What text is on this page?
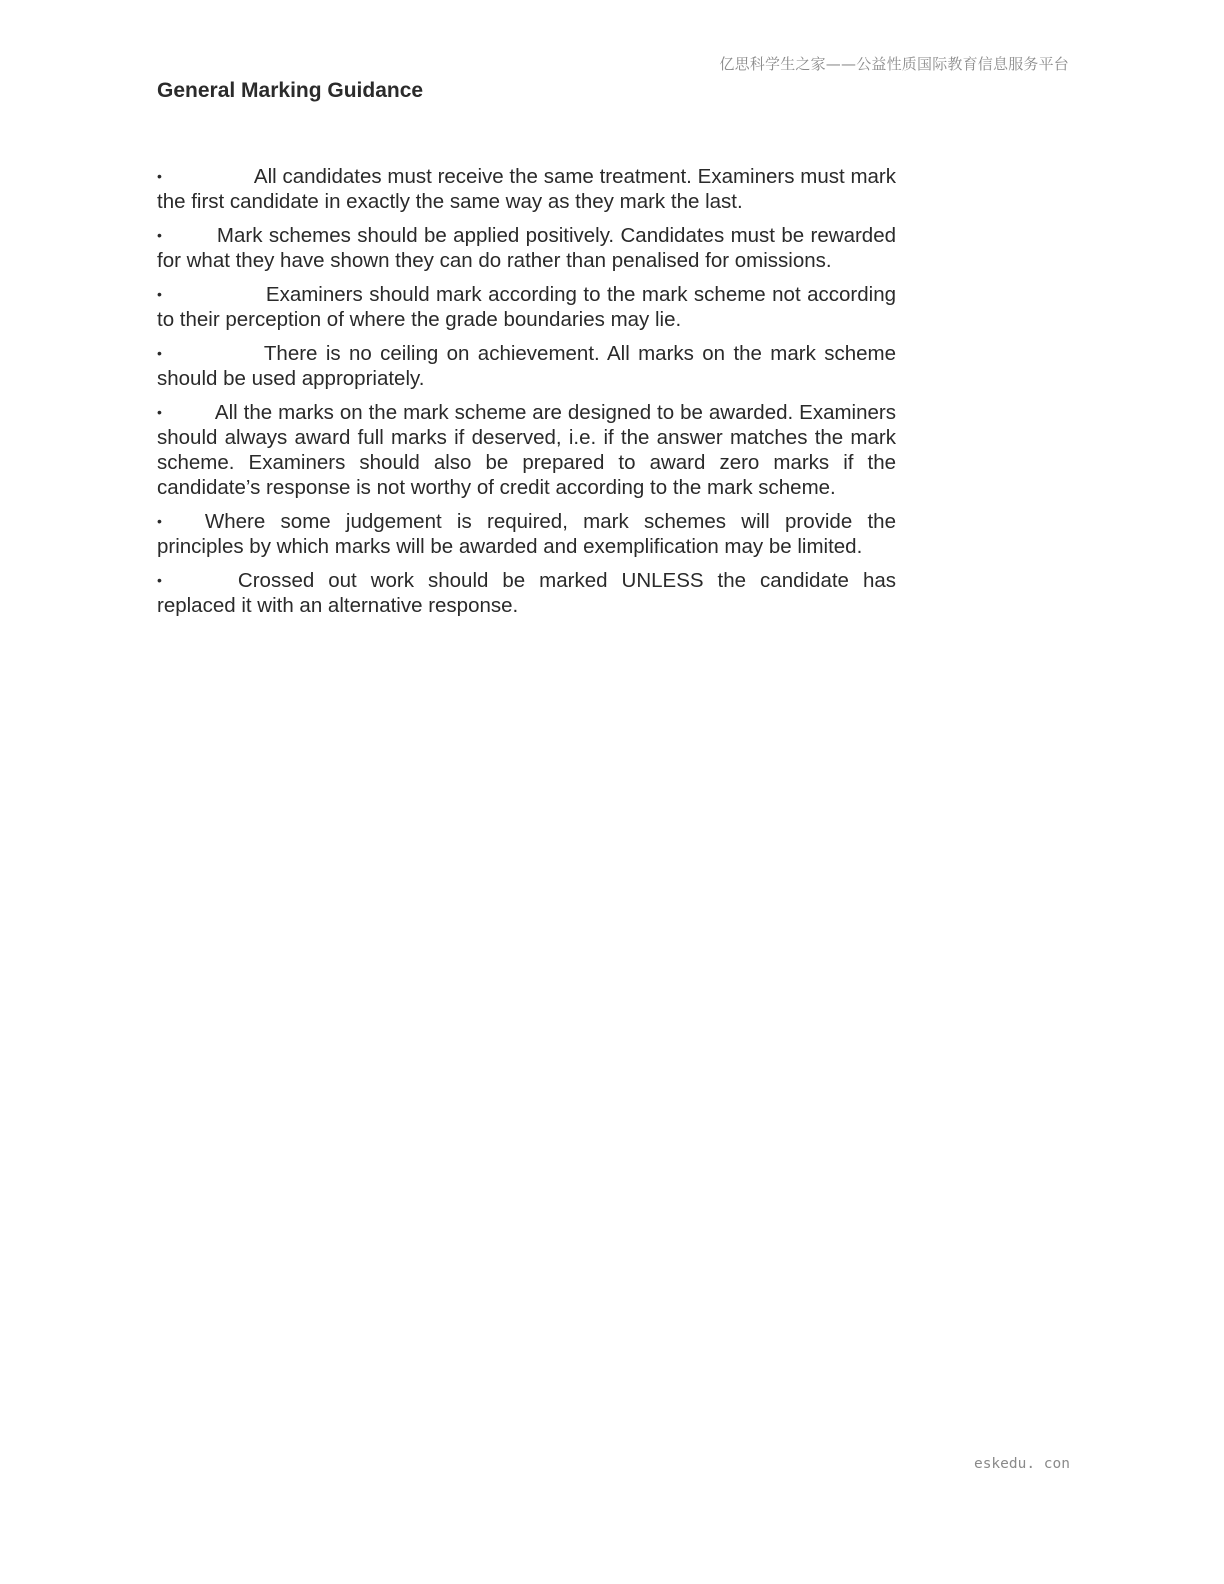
亿思科学生之家——公益性质国际教育信息服务平台
General Marking Guidance
•	All candidates must receive the same treatment. Examiners must mark the first candidate in exactly the same way as they mark the last.
•	Mark schemes should be applied positively. Candidates must be rewarded for what they have shown they can do rather than penalised for omissions.
•	Examiners should mark according to the mark scheme not according to their perception of where the grade boundaries may lie.
•	There is no ceiling on achievement. All marks on the mark scheme should be used appropriately.
•	All the marks on the mark scheme are designed to be awarded. Examiners should always award full marks if deserved, i.e. if the answer matches the mark scheme. Examiners should also be prepared to award zero marks if the candidate’s response is not worthy of credit according to the mark scheme.
• Where some judgement is required, mark schemes will provide the principles by which marks will be awarded and exemplification may be limited.
•	Crossed out work should be marked UNLESS the candidate has replaced it with an alternative response.
eskedu. con
